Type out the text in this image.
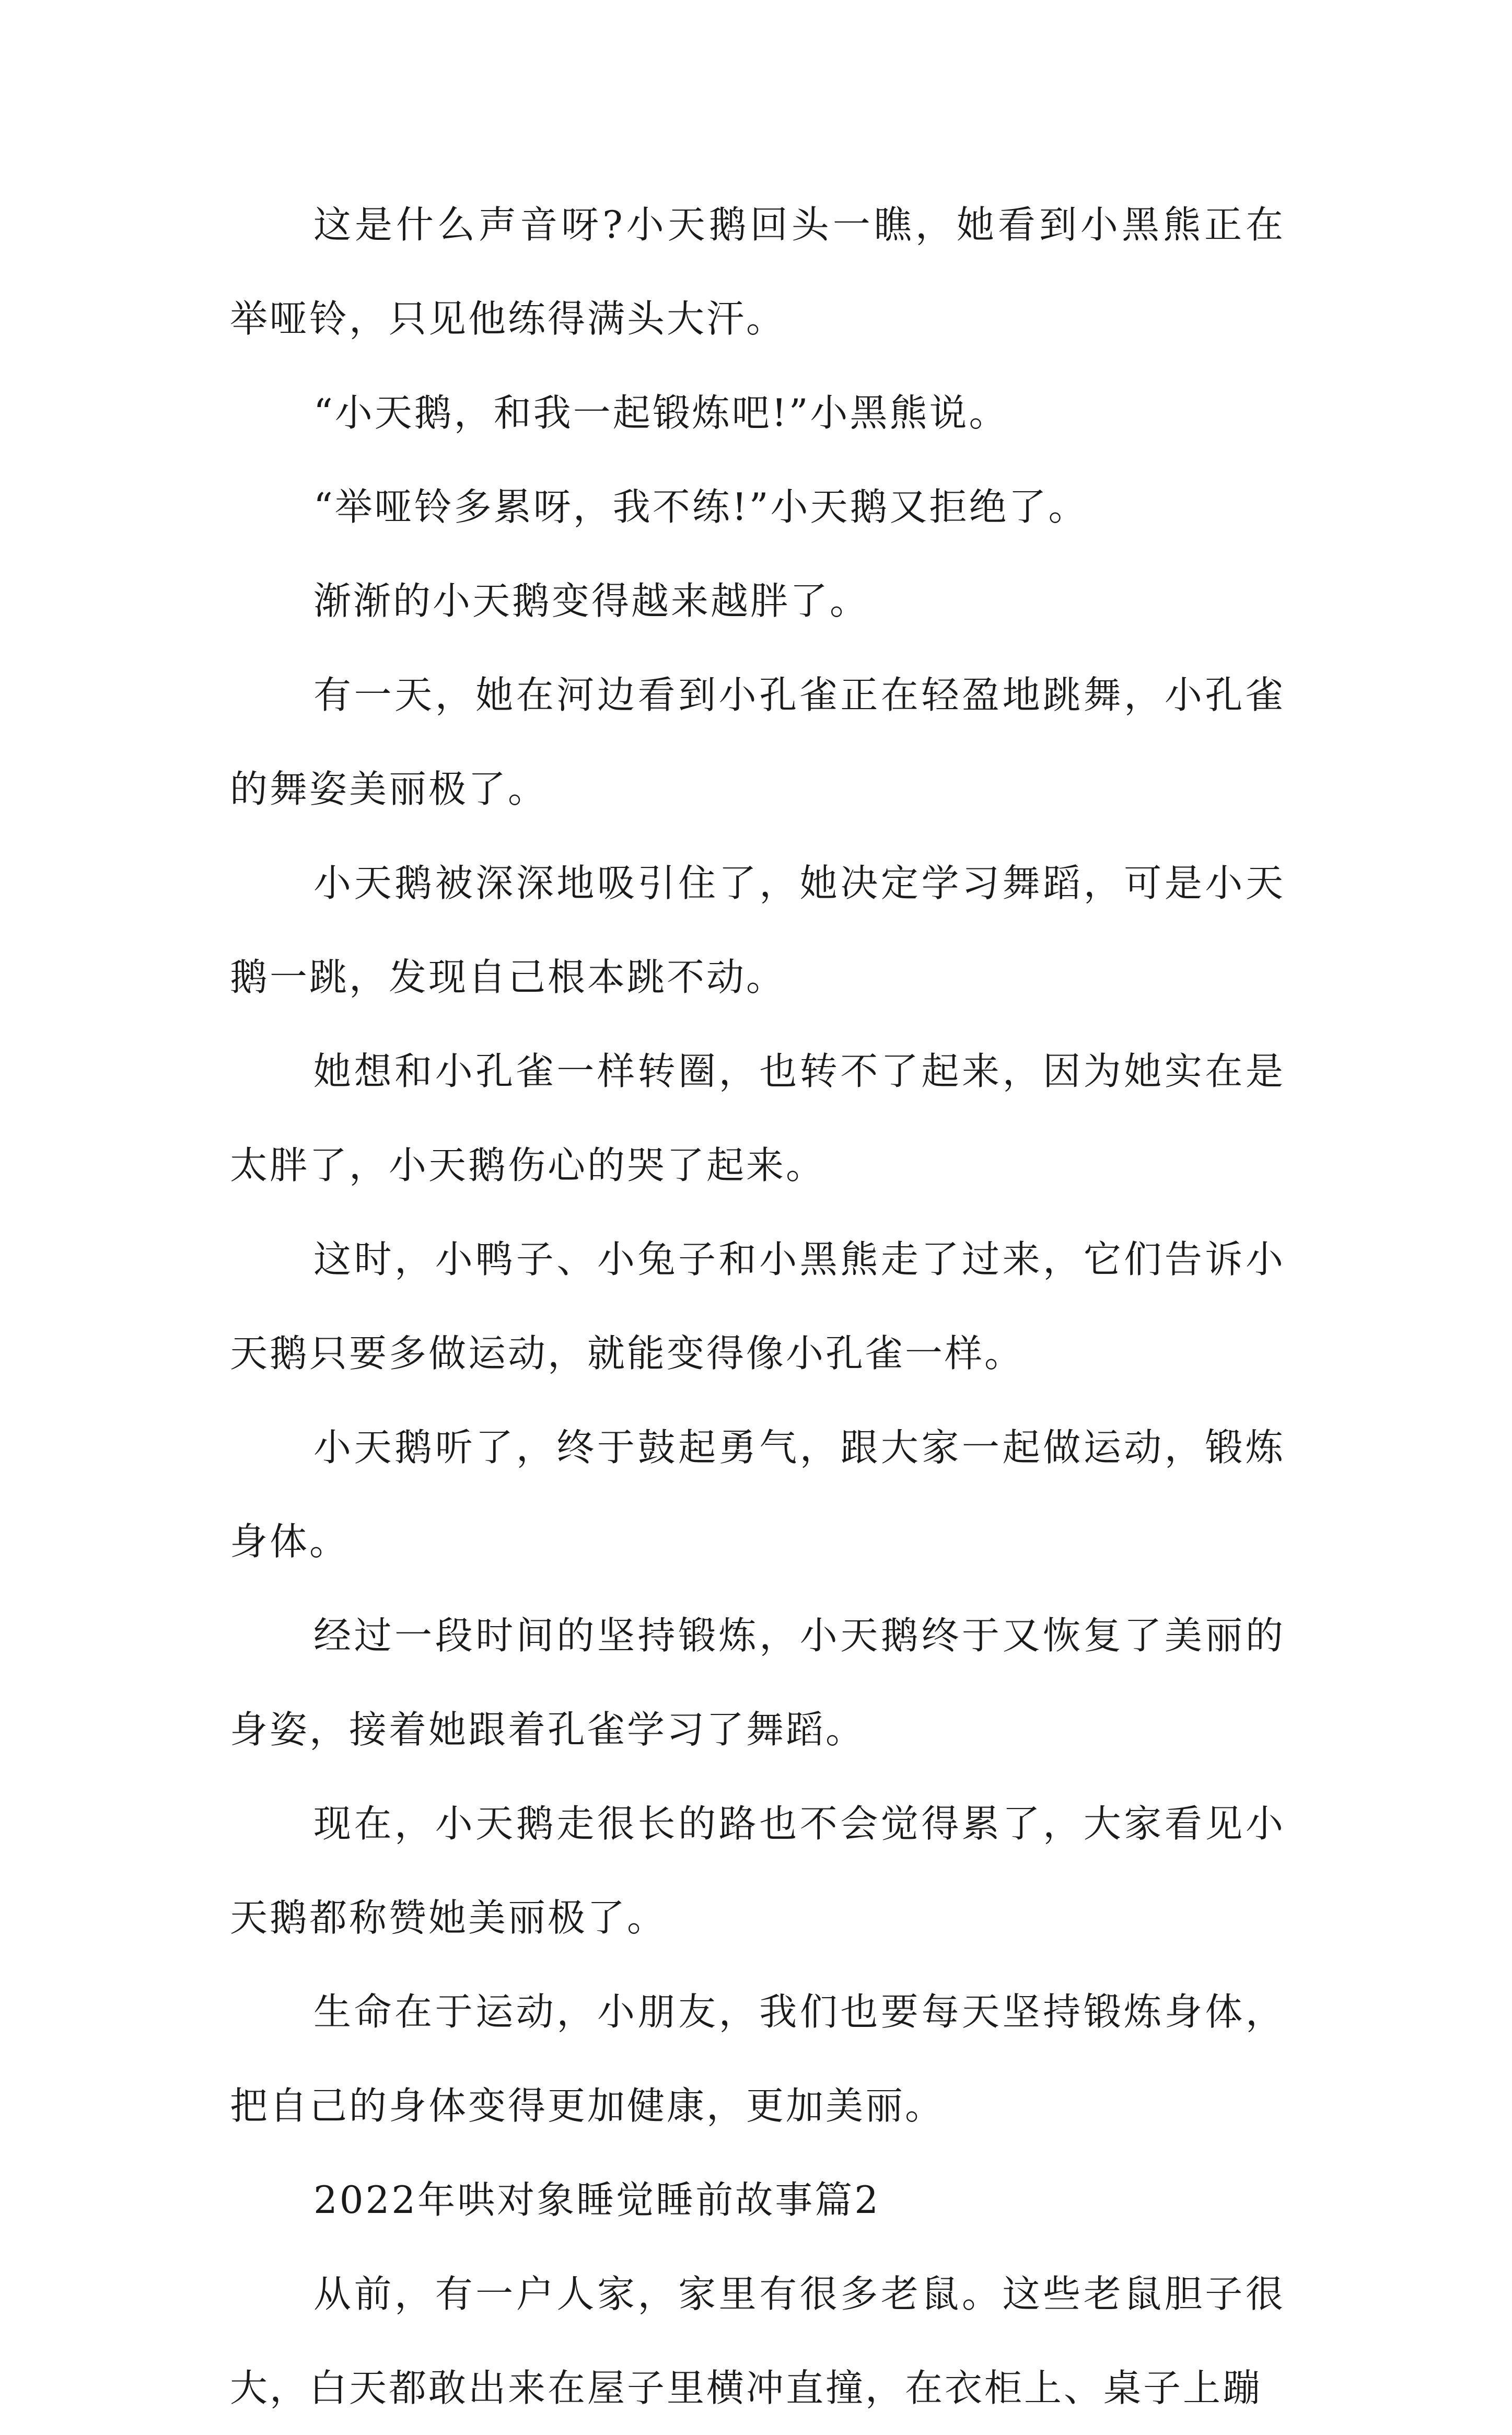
这是什么声音呀?小天鹅回头一瞧，她看到小黑熊正在举哑铃，只见他练得满头大汗。

“小天鹅，和我一起锻炼吧!”小黑熊说。

“举哑铃多累呀，我不练!”小天鹅又拒绝了。

渐渐的小天鹅变得越来越胖了。

有一天，她在河边看到小孔雀正在轻盈地跳舞，小孔雀的舞姿美丽极了。

小天鹅被深深地吸引住了，她决定学习舞蹈，可是小天鹅一跳，发现自己根本跳不动。

她想和小孔雀一样转圈，也转不了起来，因为她实在是太胖了，小天鹅伤心的哭了起来。

这时，小鸭子、小兔子和小黑熊走了过来，它们告诉小天鹅只要多做运动，就能变得像小孔雀一样。

小天鹅听了，终于鼓起勇气，跟大家一起做运动，锻炼身体。

经过一段时间的坚持锻炼，小天鹅终于又恢复了美丽的身姿，接着她跟着孔雀学习了舞蹈。

现在，小天鹅走很长的路也不会觉得累了，大家看见小天鹅都称赞她美丽极了。

生命在于运动，小朋友，我们也要每天坚持锻炼身体，把自己的身体变得更加健康，更加美丽。

2022年哄对象睡觉睡前故事篇2

从前，有一户人家，家里有很多老鼠。这些老鼠胆子很大，白天都敢出来在屋子里横冲直撞，在衣柜上、桌子上蹦
